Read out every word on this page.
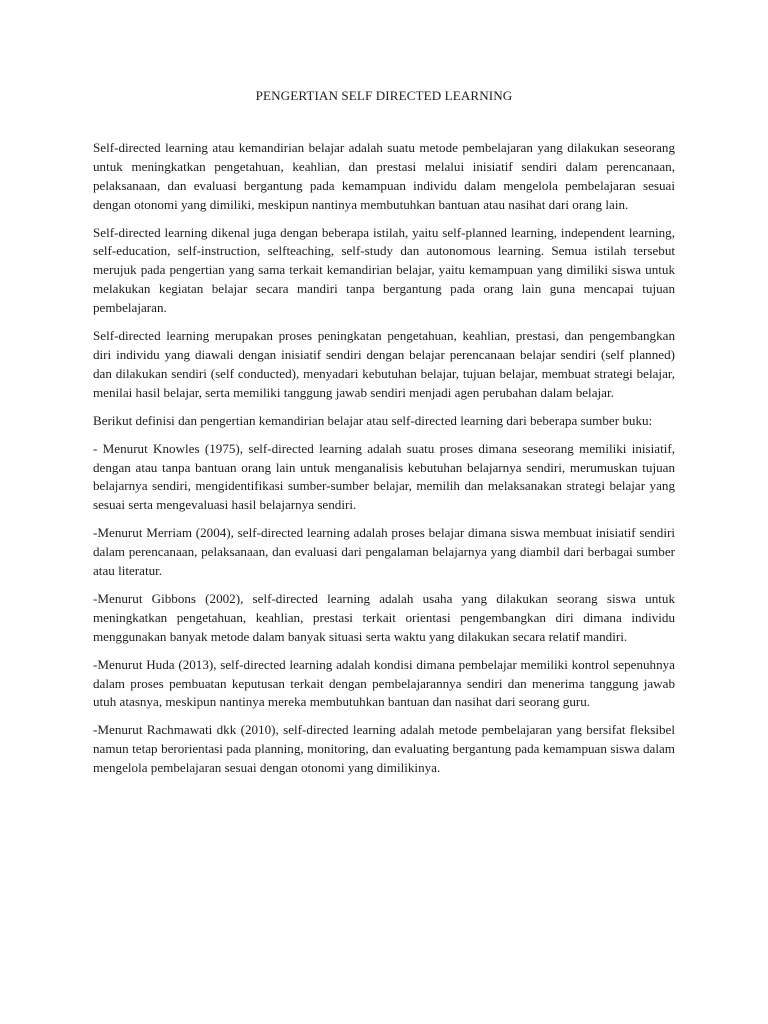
PENGERTIAN SELF DIRECTED LEARNING

Self-directed learning atau kemandirian belajar adalah suatu metode pembelajaran yang dilakukan seseorang untuk meningkatkan pengetahuan, keahlian, dan prestasi melalui inisiatif sendiri dalam perencanaan, pelaksanaan, dan evaluasi bergantung pada kemampuan individu dalam mengelola pembelajaran sesuai dengan otonomi yang dimiliki, meskipun nantinya membutuhkan bantuan atau nasihat dari orang lain.

Self-directed learning dikenal juga dengan beberapa istilah, yaitu self-planned learning, independent learning, self-education, self-instruction, selfteaching, self-study dan autonomous learning. Semua istilah tersebut merujuk pada pengertian yang sama terkait kemandirian belajar, yaitu kemampuan yang dimiliki siswa untuk melakukan kegiatan belajar secara mandiri tanpa bergantung pada orang lain guna mencapai tujuan pembelajaran.

Self-directed learning merupakan proses peningkatan pengetahuan, keahlian, prestasi, dan pengembangkan diri individu yang diawali dengan inisiatif sendiri dengan belajar perencanaan belajar sendiri (self planned) dan dilakukan sendiri (self conducted), menyadari kebutuhan belajar, tujuan belajar, membuat strategi belajar, menilai hasil belajar, serta memiliki tanggung jawab sendiri menjadi agen perubahan dalam belajar.

Berikut definisi dan pengertian kemandirian belajar atau self-directed learning dari beberapa sumber buku:

- Menurut Knowles (1975), self-directed learning adalah suatu proses dimana seseorang memiliki inisiatif, dengan atau tanpa bantuan orang lain untuk menganalisis kebutuhan belajarnya sendiri, merumuskan tujuan belajarnya sendiri, mengidentifikasi sumber-sumber belajar, memilih dan melaksanakan strategi belajar yang sesuai serta mengevaluasi hasil belajarnya sendiri.

-Menurut Merriam (2004), self-directed learning adalah proses belajar dimana siswa membuat inisiatif sendiri dalam perencanaan, pelaksanaan, dan evaluasi dari pengalaman belajarnya yang diambil dari berbagai sumber atau literatur.

-Menurut Gibbons (2002), self-directed learning adalah usaha yang dilakukan seorang siswa untuk meningkatkan pengetahuan, keahlian, prestasi terkait orientasi pengembangkan diri dimana individu menggunakan banyak metode dalam banyak situasi serta waktu yang dilakukan secara relatif mandiri.

-Menurut Huda (2013), self-directed learning adalah kondisi dimana pembelajar memiliki kontrol sepenuhnya dalam proses pembuatan keputusan terkait dengan pembelajarannya sendiri dan menerima tanggung jawab utuh atasnya, meskipun nantinya mereka membutuhkan bantuan dan nasihat dari seorang guru.

-Menurut Rachmawati dkk (2010), self-directed learning adalah metode pembelajaran yang bersifat fleksibel namun tetap berorientasi pada planning, monitoring, dan evaluating bergantung pada kemampuan siswa dalam mengelola pembelajaran sesuai dengan otonomi yang dimilikinya.
